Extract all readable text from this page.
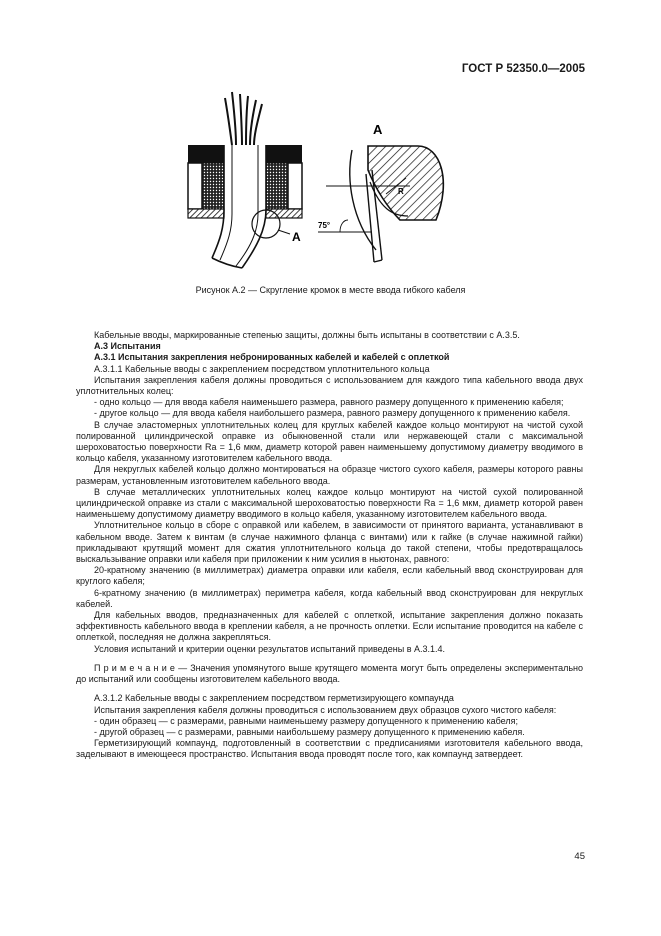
ГОСТ Р 52350.0—2005
А
А
75°
R
Рисунок А.2 — Скругление кромок в месте ввода гибкого кабеля

Кабельные вводы, маркированные степенью защиты, должны быть испытаны в соответствии с А.3.5.

А.3 Испытания

А.3.1 Испытания закрепления небронированных кабелей и кабелей с оплеткой

А.3.1.1 Кабельные вводы с закреплением посредством уплотнительного кольца

Испытания закрепления кабеля должны проводиться с использованием для каждого типа кабельного ввода двух уплотнительных колец:

- одно кольцо — для ввода кабеля наименьшего размера, равного размеру допущенного к применению кабеля;

- другое кольцо — для ввода кабеля наибольшего размера, равного размеру допущенного к применению кабеля.

В случае эластомерных уплотнительных колец для круглых кабелей каждое кольцо монтируют на чистой сухой полированной цилиндрической оправке из обыкновенной стали или нержавеющей стали с максимальной шероховатостью поверхности Ra = 1,6 мкм, диаметр которой равен наименьшему допустимому диаметру вводимого в кольцо кабеля, указанному изготовителем кабельного ввода.

Для некруглых кабелей кольцо должно монтироваться на образце чистого сухого кабеля, размеры которого равны размерам, установленным изготовителем кабельного ввода.

В случае металлических уплотнительных колец каждое кольцо монтируют на чистой сухой полированной цилиндрической оправке из стали с максимальной шероховатостью поверхности Ra = 1,6 мкм, диаметр которой равен наименьшему допустимому диаметру вводимого в кольцо кабеля, указанному изготовителем кабельного ввода.

Уплотнительное кольцо в сборе с оправкой или кабелем, в зависимости от принятого варианта, устанавливают в кабельном вводе. Затем к винтам (в случае нажимного фланца с винтами) или к гайке (в случае нажимной гайки) прикладывают крутящий момент для сжатия уплотнительного кольца до такой степени, чтобы предотвращалось выскальзывание оправки или кабеля при приложении к ним усилия в ньютонах, равного:

20-кратному значению (в миллиметрах) диаметра оправки или кабеля, если кабельный ввод сконструирован для круглого кабеля;

6-кратному значению (в миллиметрах) периметра кабеля, когда кабельный ввод сконструирован для некруглых кабелей.

Для кабельных вводов, предназначенных для кабелей с оплеткой, испытание закрепления должно показать эффективность кабельного ввода в креплении кабеля, а не прочность оплетки. Если испытание проводится на кабеле с оплеткой, последняя не должна закрепляться.

Условия испытаний и критерии оценки результатов испытаний приведены в А.3.1.4.

П р и м е ч а н и е — Значения упомянутого выше крутящего момента могут быть определены экспериментально до испытаний или сообщены изготовителем кабельного ввода.

А.3.1.2 Кабельные вводы с закреплением посредством герметизирующего компаунда

Испытания закрепления кабеля должны проводиться с использованием двух образцов сухого чистого кабеля:

- один образец — с размерами, равными наименьшему размеру допущенного к применению кабеля;

- другой образец — с размерами, равными наибольшему размеру допущенного к применению кабеля.

Герметизирующий компаунд, подготовленный в соответствии с предписаниями изготовителя кабельного ввода, заделывают в имеющееся пространство. Испытания ввода проводят после того, как компаунд затвердеет.

45
